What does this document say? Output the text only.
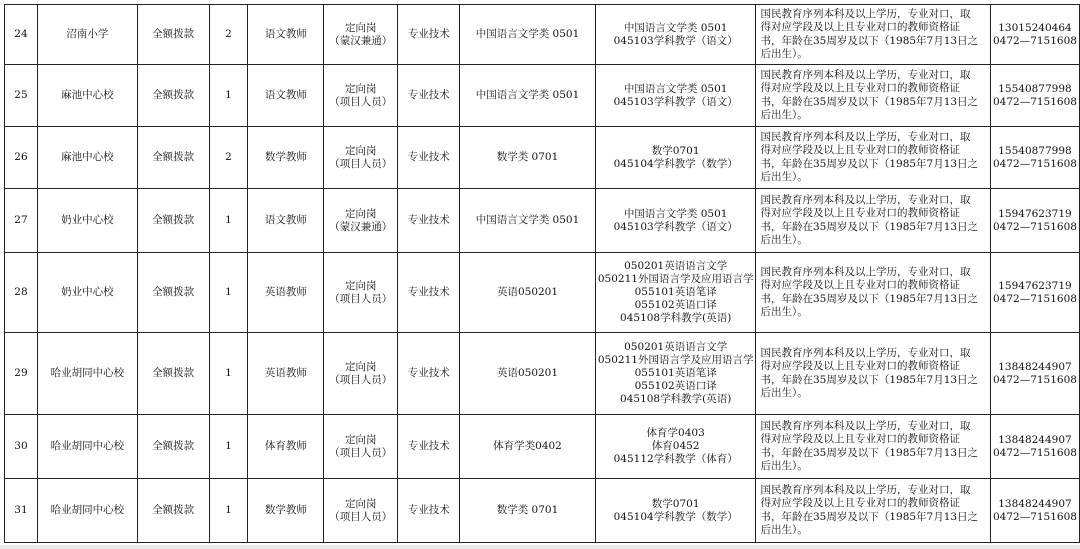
24	沼南小学	全额拨款	2	语文教师	定向岗
（蒙汉兼通）	专业技术	中国语言文学类 0501	中国语言文学类 0501
045103学科教学（语文）	国民教育序列本科及以上学历，专业对口，取
得对应学段及以上且专业对口的教师资格证
书，年龄在35周岁及以下（1985年7月13日之
后出生）。	13015240464
0472—7151608

25	麻池中心校	全额拨款	1	语文教师	定向岗
（项目人员）	专业技术	中国语言文学类 0501	中国语言文学类 0501
045103学科教学（语文）	国民教育序列本科及以上学历，专业对口，取
得对应学段及以上且专业对口的教师资格证
书，年龄在35周岁及以下（1985年7月13日之
后出生）。	15540877998
0472—7151608

26	麻池中心校	全额拨款	2	数学教师	定向岗
（项目人员）	专业技术	数学类 0701	数学0701
045104学科教学（数学）	国民教育序列本科及以上学历，专业对口，取
得对应学段及以上且专业对口的教师资格证
书，年龄在35周岁及以下（1985年7月13日之
后出生）。	15540877998
0472—7151608

27	奶业中心校	全额拨款	1	语文教师	定向岗
（蒙汉兼通）	专业技术	中国语言文学类 0501	中国语言文学类 0501
045103学科教学（语文）	国民教育序列本科及以上学历，专业对口，取
得对应学段及以上且专业对口的教师资格证
书，年龄在35周岁及以下（1985年7月13日之
后出生）。	15947623719
0472—7151608

28	奶业中心校	全额拨款	1	英语教师	定向岗
（项目人员）	专业技术	英语050201	050201英语语言文学
050211外国语言学及应用语言学
055101英语笔译
055102英语口译
045108学科教学(英语)	国民教育序列本科及以上学历，专业对口，取
得对应学段及以上且专业对口的教师资格证
书，年龄在35周岁及以下（1985年7月13日之
后出生）。	15947623719
0472—7151608

29	哈业胡同中心校	全额拨款	1	英语教师	定向岗
（项目人员）	专业技术	英语050201	050201英语语言文学
050211外国语言学及应用语言学
055101英语笔译
055102英语口译
045108学科教学(英语)	国民教育序列本科及以上学历，专业对口，取
得对应学段及以上且专业对口的教师资格证
书，年龄在35周岁及以下（1985年7月13日之
后出生）。	13848244907
0472—7151608

30	哈业胡同中心校	全额拨款	1	体育教师	定向岗
（项目人员）	专业技术	体育学类0402	体育学0403
体育0452
045112学科教学（体育）	国民教育序列本科及以上学历，专业对口，取
得对应学段及以上且专业对口的教师资格证
书，年龄在35周岁及以下（1985年7月13日之
后出生）。	13848244907
0472—7151608

31	哈业胡同中心校	全额拨款	1	数学教师	定向岗
（项目人员）	专业技术	数学类 0701	数学0701
045104学科教学（数学）	国民教育序列本科及以上学历，专业对口，取
得对应学段及以上且专业对口的教师资格证
书，年龄在35周岁及以下（1985年7月13日之
后出生）。	13848244907
0472—7151608
